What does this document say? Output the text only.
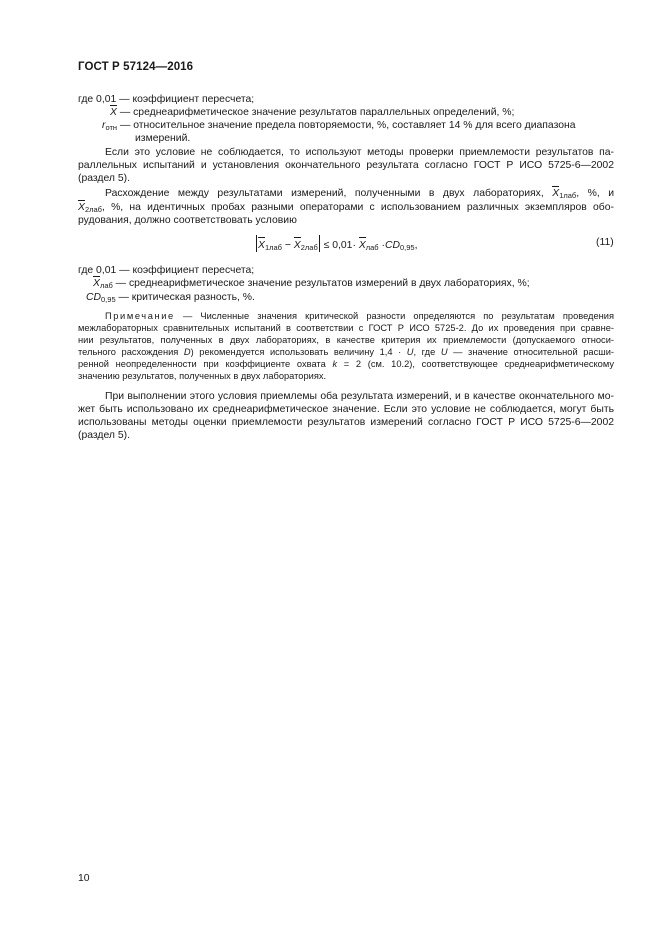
ГОСТ Р 57124—2016
где 0,01 — коэффициент пересчета;
X — среднеарифметическое значение результатов параллельных определений, %;
$r_{отн}$ — относительное значение предела повторяемости, %, составляет 14 % для всего диапазона
измерений.
Если это условие не соблюдается, то используют методы проверки приемлемости результатов па-
раллельных испытаний и установления окончательного результата согласно ГОСТ Р ИСО 5725-6—2002
(раздел 5).
Расхождение между результатами измерений, полученными в двух лабораториях, $X_{1лаб}$, %, и
$X_{2лаб}$, %, на идентичных пробах разными операторами с использованием различных экземпляров обо-
рудования, должно соответствовать условию
$X_{1лаб} - X_{2лаб} \le 0,01\cdot X_{лаб} \cdot CD_{0,95}$,	(11)
где 0,01 — коэффициент пересчета;
$X_{лаб}$ — среднеарифметическое значение результатов измерений в двух лабораториях, %;
$CD_{0,95}$ — критическая разность, %.
Примечание — Численные значения критической разности определяются по результатам проведения
межлабораторных сравнительных испытаний в соответствии с ГОСТ Р ИСО 5725-2. До их проведения при сравне-
нии результатов, полученных в двух лабораториях, в качестве критерия их приемлемости (допускаемого относи-
тельного расхождения D) рекомендуется использовать величину 1,4 · U, где U — значение относительной расши-
ренной неопределенности при коэффициенте охвата k = 2 (см. 10.2), соответствующее среднеарифметическому
значению результатов, полученных в двух лабораториях.
При выполнении этого условия приемлемы оба результата измерений, и в качестве окончательного мо-
жет быть использовано их среднеарифметическое значение. Если это условие не соблюдается, могут быть
использованы методы оценки приемлемости результатов измерений согласно ГОСТ Р ИСО 5725-6—2002
(раздел 5).
10
